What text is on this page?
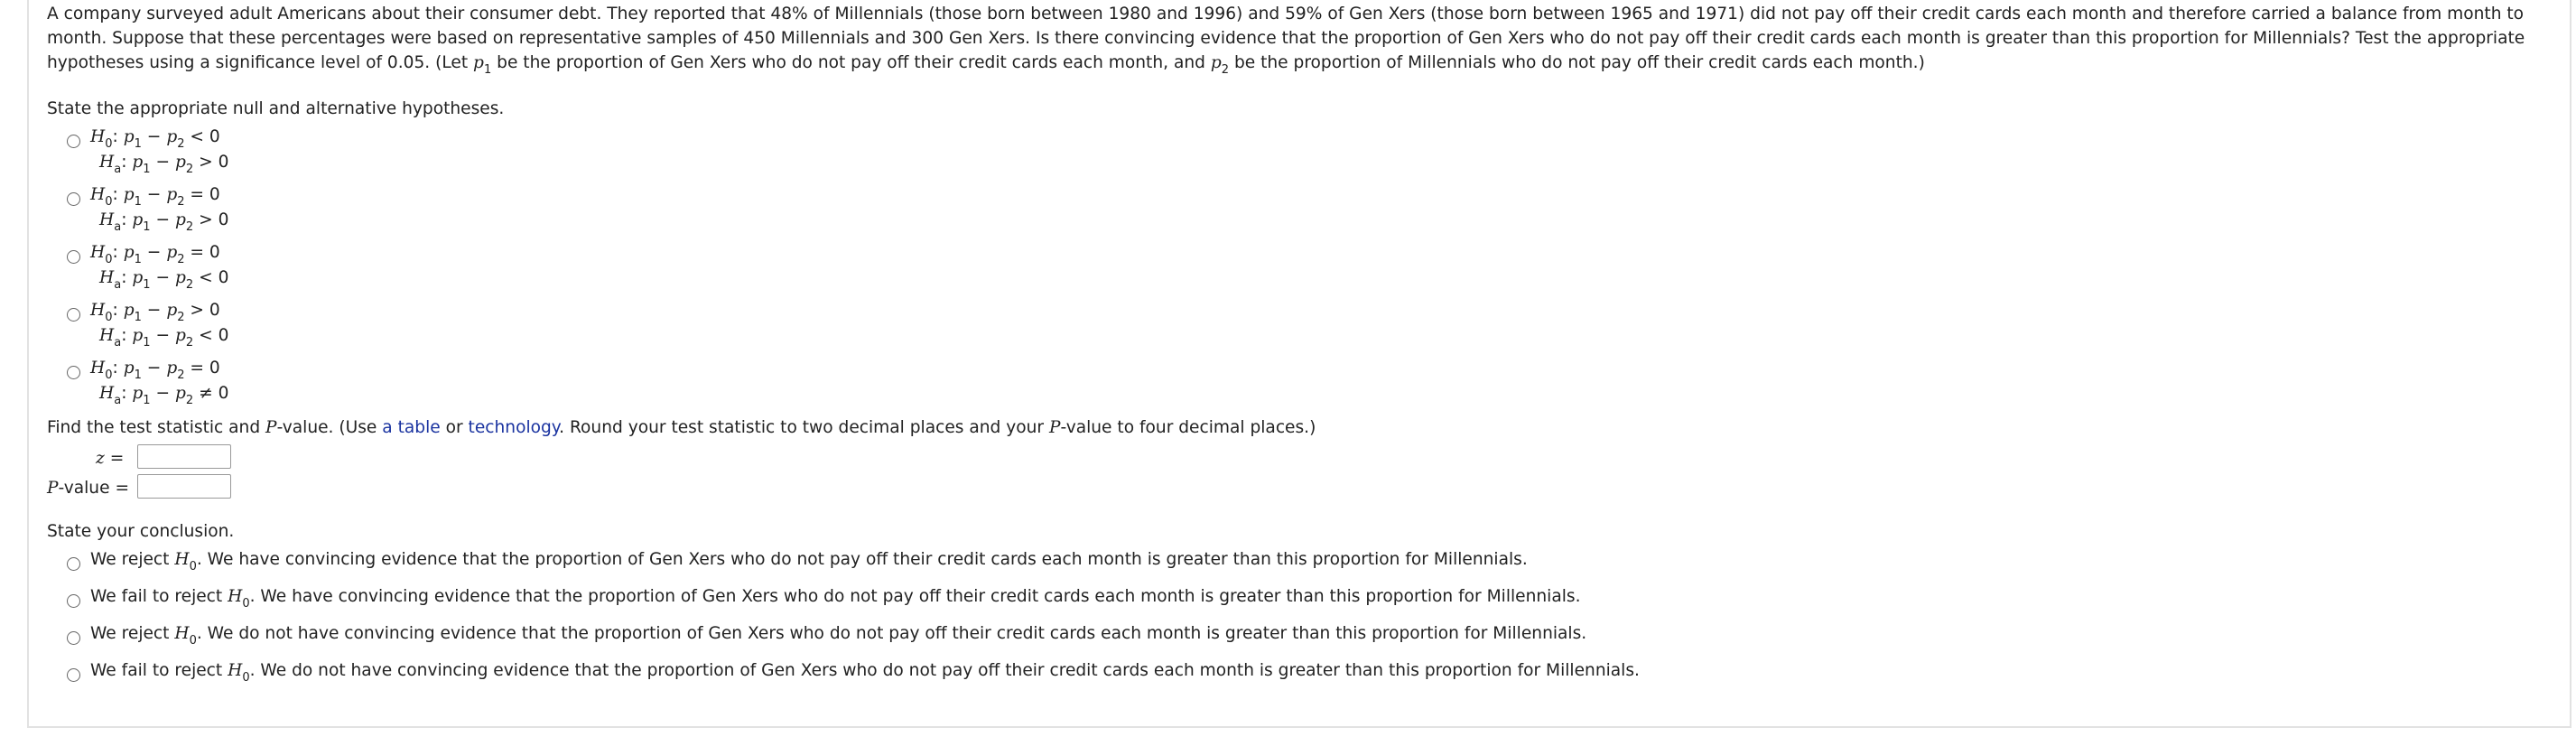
A company surveyed adult Americans about their consumer debt. They reported that 48% of Millennials (those born between 1980 and 1996) and 59% of Gen Xers (those born between 1965 and 1971) did not pay off their credit cards each month and therefore carried a balance from month to month. Suppose that these percentages were based on representative samples of 450 Millennials and 300 Gen Xers. Is there convincing evidence that the proportion of Gen Xers who do not pay off their credit cards each month is greater than this proportion for Millennials? Test the appropriate hypotheses using a significance level of 0.05. (Let $p_1$ be the proportion of Gen Xers who do not pay off their credit cards each month, and $p_2$ be the proportion of Millennials who do not pay off their credit cards each month.)

State the appropriate null and alternative hypotheses.

$H_0$: $p_1 - p_2 < 0$
$H_a$: $p_1 - p_2 > 0$
$H_0$: $p_1 - p_2 = 0$
$H_a$: $p_1 - p_2 > 0$
$H_0$: $p_1 - p_2 = 0$
$H_a$: $p_1 - p_2 < 0$
$H_0$: $p_1 - p_2 > 0$
$H_a$: $p_1 - p_2 < 0$
$H_0$: $p_1 - p_2 = 0$
$H_a$: $p_1 - p_2 \ne 0$

Find the test statistic and P-value. (Use a table or technology. Round your test statistic to two decimal places and your P-value to four decimal places.)

z =
P-value =

State your conclusion.

We reject $H_0$. We have convincing evidence that the proportion of Gen Xers who do not pay off their credit cards each month is greater than this proportion for Millennials.
We fail to reject $H_0$. We have convincing evidence that the proportion of Gen Xers who do not pay off their credit cards each month is greater than this proportion for Millennials.
We reject $H_0$. We do not have convincing evidence that the proportion of Gen Xers who do not pay off their credit cards each month is greater than this proportion for Millennials.
We fail to reject $H_0$. We do not have convincing evidence that the proportion of Gen Xers who do not pay off their credit cards each month is greater than this proportion for Millennials.
